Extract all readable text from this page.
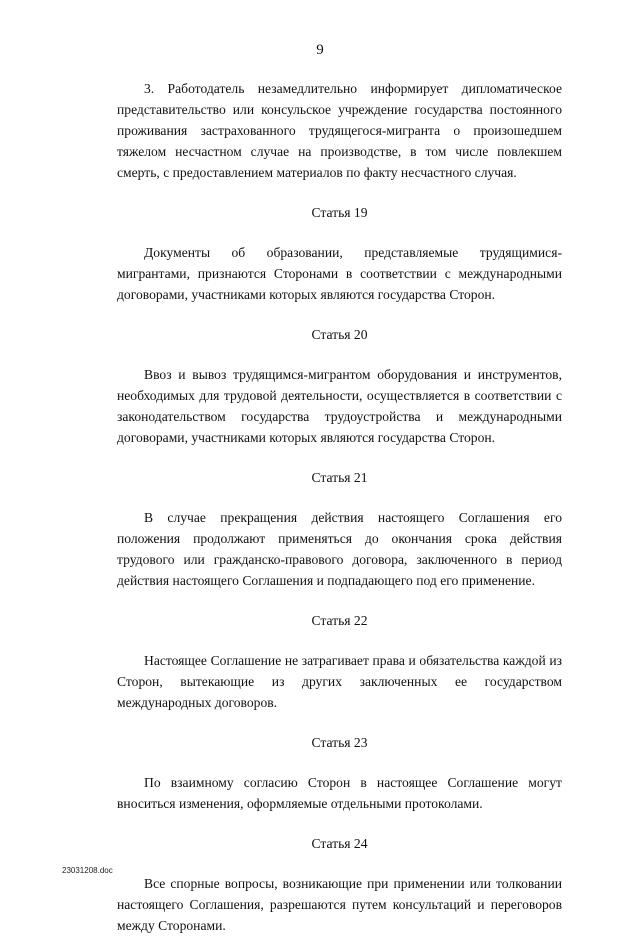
9

3. Работодатель незамедлительно информирует дипломатическое представительство или консульское учреждение государства постоянного проживания застрахованного трудящегося-мигранта о произошедшем тяжелом несчастном случае на производстве, в том числе повлекшем смерть, с предоставлением материалов по факту несчастного случая.

Статья 19

Документы об образовании, представляемые трудящимися-мигрантами, признаются Сторонами в соответствии с международными договорами, участниками которых являются государства Сторон.

Статья 20

Ввоз и вывоз трудящимся-мигрантом оборудования и инструментов, необходимых для трудовой деятельности, осуществляется в соответствии с законодательством государства трудоустройства и международными договорами, участниками которых являются государства Сторон.

Статья 21

В случае прекращения действия настоящего Соглашения его положения продолжают применяться до окончания срока действия трудового или гражданско-правового договора, заключенного в период действия настоящего Соглашения и подпадающего под его применение.

Статья 22

Настоящее Соглашение не затрагивает права и обязательства каждой из Сторон, вытекающие из других заключенных ее государством международных договоров.

Статья 23

По взаимному согласию Сторон в настоящее Соглашение могут вноситься изменения, оформляемые отдельными протоколами.

Статья 24

Все спорные вопросы, возникающие при применении или толковании настоящего Соглашения, разрешаются путем консультаций и переговоров между Сторонами.

23031208.doc
